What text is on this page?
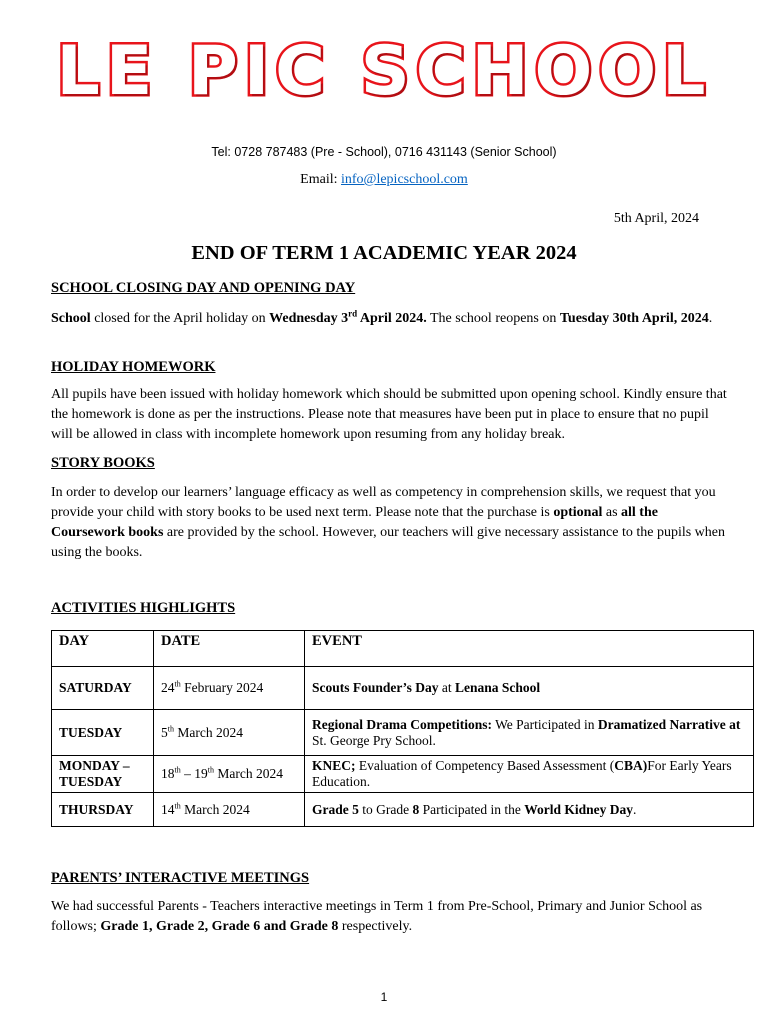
LE PIC SCHOOL
Tel: 0728 787483 (Pre - School), 0716 431143 (Senior School)
Email: info@lepicschool.com
5th April, 2024
END OF TERM 1 ACADEMIC YEAR 2024
SCHOOL CLOSING DAY AND OPENING DAY
School closed for the April holiday on Wednesday 3rd April 2024. The school reopens on Tuesday 30th April, 2024.
HOLIDAY HOMEWORK
All pupils have been issued with holiday homework which should be submitted upon opening school. Kindly ensure that the homework is done as per the instructions. Please note that measures have been put in place to ensure that no pupil will be allowed in class with incomplete homework upon resuming from any holiday break.
STORY BOOKS
In order to develop our learners’ language efficacy as well as competency in comprehension skills, we request that you provide your child with story books to be used next term. Please note that the purchase is optional as all the Coursework books are provided by the school. However, our teachers will give necessary assistance to the pupils when using the books.
ACTIVITIES HIGHLIGHTS
DAY	DATE	EVENT
SATURDAY	24th February 2024	Scouts Founder’s Day at Lenana School
TUESDAY	5th March 2024	Regional Drama Competitions: We Participated in Dramatized Narrative at St. George Pry School.
MONDAY – TUESDAY	18th – 19th March 2024	KNEC; Evaluation of Competency Based Assessment (CBA)For Early Years Education.
THURSDAY	14th March 2024	Grade 5 to Grade 8 Participated in the World Kidney Day.
PARENTS’ INTERACTIVE MEETINGS
We had successful Parents - Teachers interactive meetings in Term 1 from Pre-School, Primary and Junior School as follows; Grade 1, Grade 2, Grade 6 and Grade 8 respectively.
1
